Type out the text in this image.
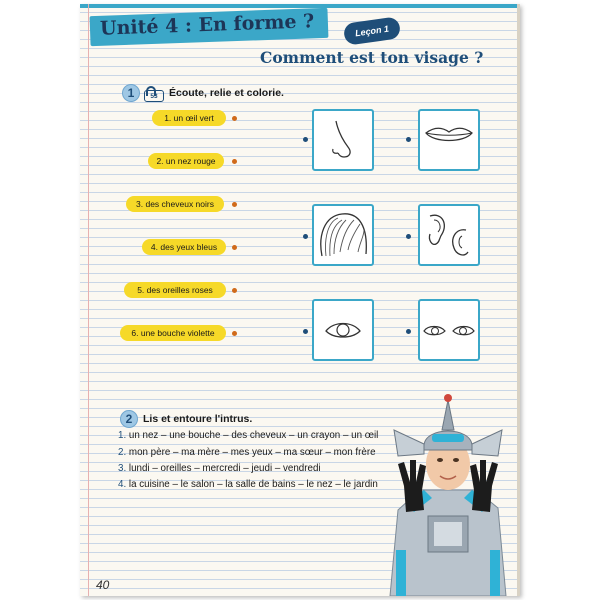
Unité 4 : En forme ?	Leçon 1
Comment est ton visage ?
1	53	Écoute, relie et colorie.
1. un œil vert
2. un nez rouge
3. des cheveux noirs
4. des yeux bleus
5. des oreilles roses
6. une bouche violette
2	Lis et entoure l'intrus.
1. un nez – une bouche – des cheveux – un crayon – un œil
2. mon père – ma mère – mes yeux – ma sœur – mon frère
3. lundi – oreilles – mercredi – jeudi – vendredi
4. la cuisine – le salon – la salle de bains – le nez – le jardin
40
